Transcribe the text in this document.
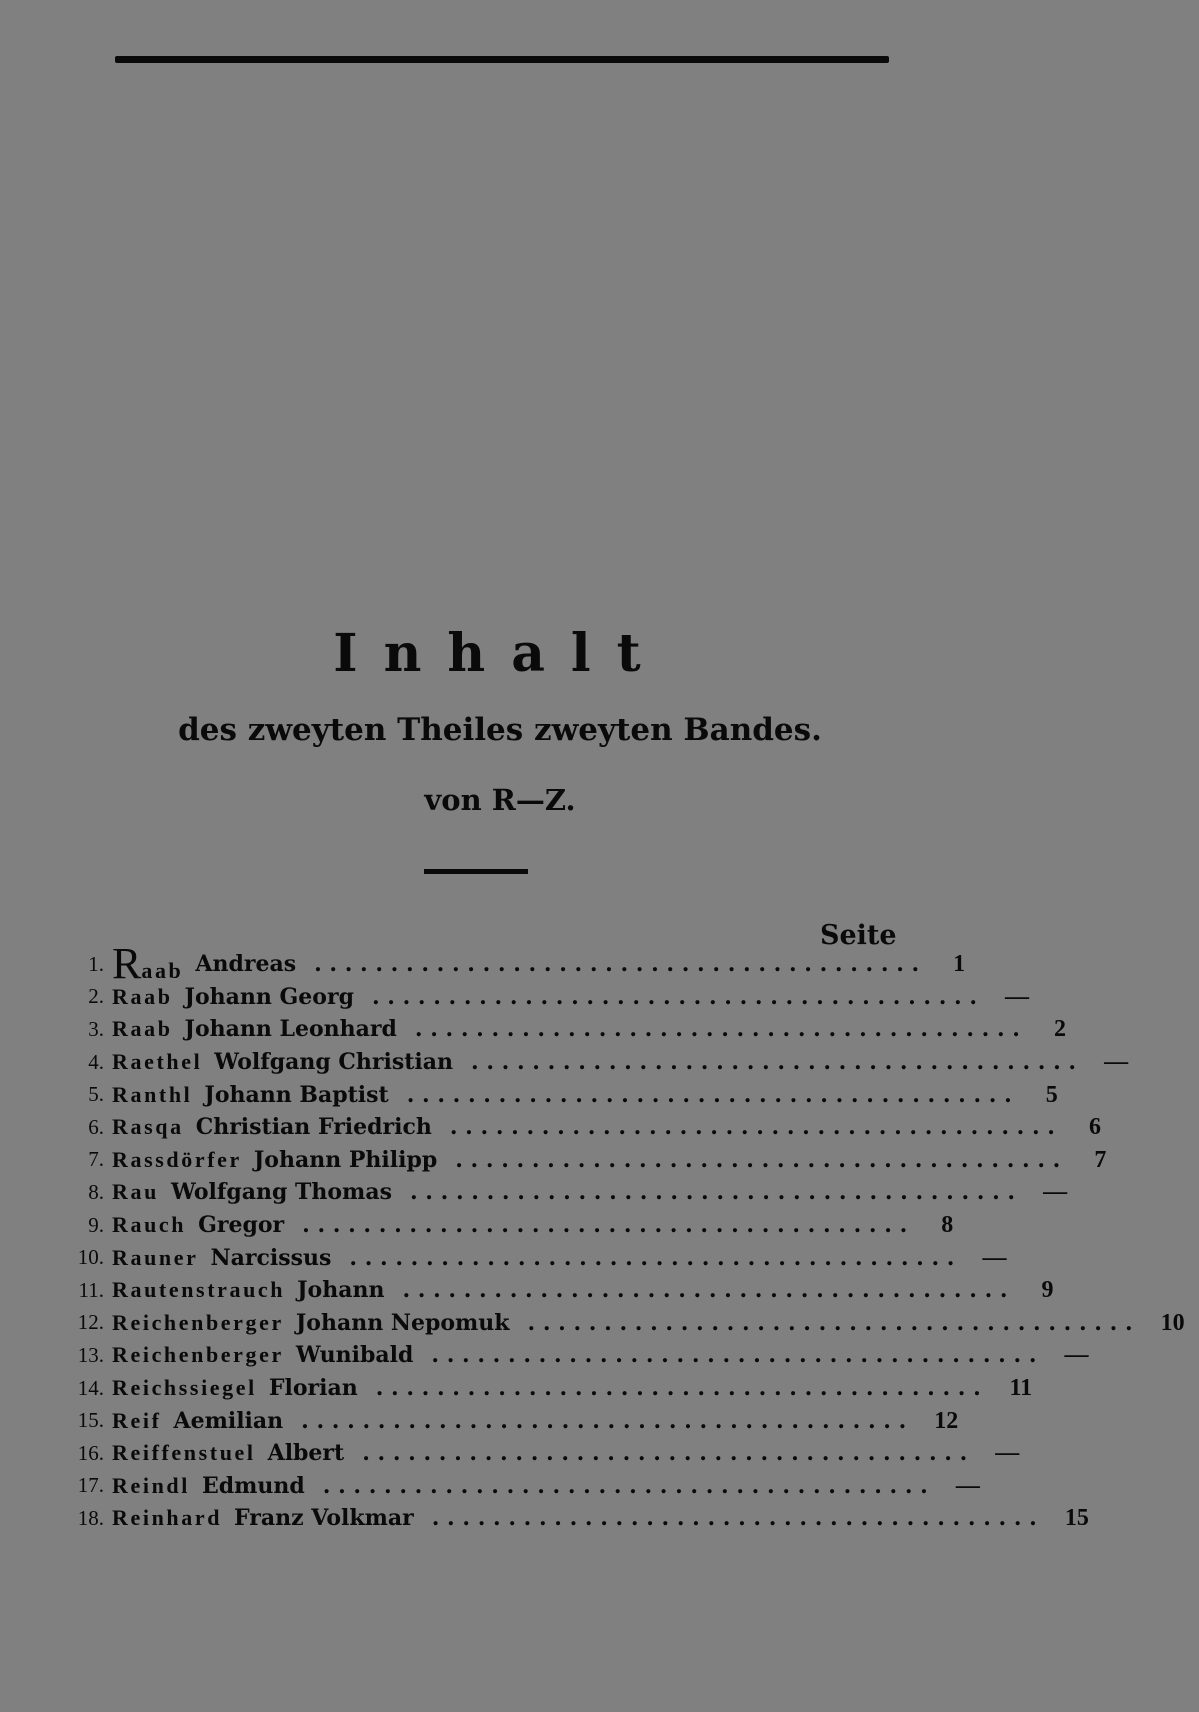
Inhalt
des zweyten Theiles zweyten Bandes.
von R—Z.
Seite
1. Raab Andreas . . . . . . . . . . . . . . . . . . . . . . . . . . . . . . . . . . . . . . . .	1
2. Raab Johann Georg . . . . . . . . . . . . . . . . . . . . . . . . . . . . . . . . . . . . . . . .	—
3. Raab Johann Leonhard . . . . . . . . . . . . . . . . . . . . . . . . . . . . . . . . . . . . . . . .	2
4. Raethel Wolfgang Christian . . . . . . . . . . . . . . . . . . . . . . . . . . . . . . . . . . . . . . . .	—
5. Ranthl Johann Baptist . . . . . . . . . . . . . . . . . . . . . . . . . . . . . . . . . . . . . . . .	5
6. Rasqa Christian Friedrich . . . . . . . . . . . . . . . . . . . . . . . . . . . . . . . . . . . . . . . .	6
7. Rassdörfer Johann Philipp . . . . . . . . . . . . . . . . . . . . . . . . . . . . . . . . . . . . . . . .	7
8. Rau Wolfgang Thomas . . . . . . . . . . . . . . . . . . . . . . . . . . . . . . . . . . . . . . . .	—
9. Rauch Gregor . . . . . . . . . . . . . . . . . . . . . . . . . . . . . . . . . . . . . . . .	8
10. Rauner Narcissus . . . . . . . . . . . . . . . . . . . . . . . . . . . . . . . . . . . . . . . .	—
11. Rautenstrauch Johann . . . . . . . . . . . . . . . . . . . . . . . . . . . . . . . . . . . . . . . .	9
12. Reichenberger Johann Nepomuk . . . . . . . . . . . . . . . . . . . . . . . . . . . . . . . . . . . . . . . .	10
13. Reichenberger Wunibald . . . . . . . . . . . . . . . . . . . . . . . . . . . . . . . . . . . . . . . .	—
14. Reichssiegel Florian . . . . . . . . . . . . . . . . . . . . . . . . . . . . . . . . . . . . . . . .	11
15. Reif Aemilian . . . . . . . . . . . . . . . . . . . . . . . . . . . . . . . . . . . . . . . .	12
16. Reiffenstuel Albert . . . . . . . . . . . . . . . . . . . . . . . . . . . . . . . . . . . . . . . .	—
17. Reindl Edmund . . . . . . . . . . . . . . . . . . . . . . . . . . . . . . . . . . . . . . . .	—
18. Reinhard Franz Volkmar . . . . . . . . . . . . . . . . . . . . . . . . . . . . . . . . . . . . . . . .	15
